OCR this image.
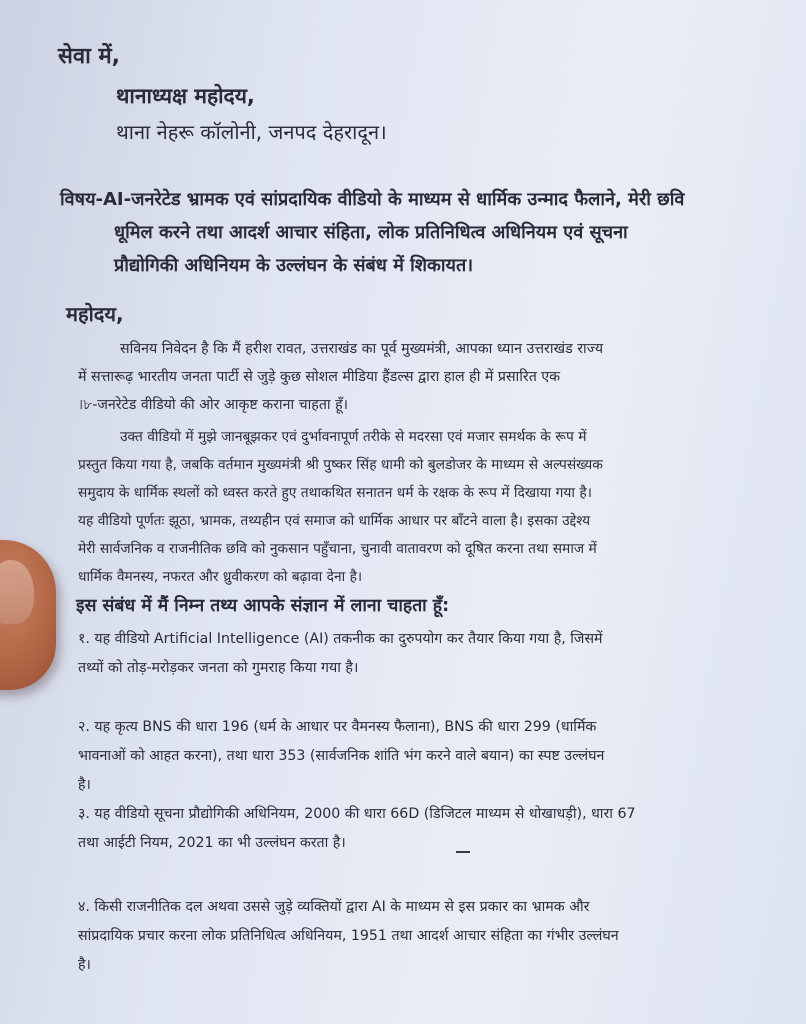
सेवा में,

थानाध्यक्ष महोदय,

थाना नेहरू कॉलोनी, जनपद देहरादून।

विषय-AI-जनरेटेड भ्रामक एवं सांप्रदायिक वीडियो के माध्यम से धार्मिक उन्माद फैलाने, मेरी छवि
धूमिल करने तथा आदर्श आचार संहिता, लोक प्रतिनिधित्व अधिनियम एवं सूचना
प्रौद्योगिकी अधिनियम के उल्लंघन के संबंध में शिकायत।

महोदय,

सविनय निवेदन है कि मैं हरीश रावत, उत्तराखंड का पूर्व मुख्यमंत्री, आपका ध्यान उत्तराखंड राज्य
में सत्तारूढ़ भारतीय जनता पार्टी से जुड़े कुछ सोशल मीडिया हैंडल्स द्वारा हाल ही में प्रसारित एक
।৮-जनरेटेड वीडियो की ओर आकृष्ट कराना चाहता हूँ।
उक्त वीडियो में मुझे जानबूझकर एवं दुर्भावनापूर्ण तरीके से मदरसा एवं मजार समर्थक के रूप में
प्रस्तुत किया गया है, जबकि वर्तमान मुख्यमंत्री श्री पुष्कर सिंह धामी को बुलडोजर के माध्यम से अल्पसंख्यक
समुदाय के धार्मिक स्थलों को ध्वस्त करते हुए तथाकथित सनातन धर्म के रक्षक के रूप में दिखाया गया है।
यह वीडियो पूर्णतः झूठा, भ्रामक, तथ्यहीन एवं समाज को धार्मिक आधार पर बाँटने वाला है। इसका उद्देश्य
मेरी सार्वजनिक व राजनीतिक छवि को नुकसान पहुँचाना, चुनावी वातावरण को दूषित करना तथा समाज में
धार्मिक वैमनस्य, नफरत और ध्रुवीकरण को बढ़ावा देना है।

इस संबंध में मैं निम्न तथ्य आपके संज्ञान में लाना चाहता हूँ:

१. यह वीडियो Artificial Intelligence (AI) तकनीक का दुरुपयोग कर तैयार किया गया है, जिसमें
तथ्यों को तोड़-मरोड़कर जनता को गुमराह किया गया है।
२. यह कृत्य BNS की धारा 196 (धर्म के आधार पर वैमनस्य फैलाना), BNS की धारा 299 (धार्मिक
भावनाओं को आहत करना), तथा धारा 353 (सार्वजनिक शांति भंग करने वाले बयान) का स्पष्ट उल्लंघन
है।
३. यह वीडियो सूचना प्रौद्योगिकी अधिनियम, 2000 की धारा 66D (डिजिटल माध्यम से धोखाधड़ी), धारा 67
तथा आईटी नियम, 2021 का भी उल्लंघन करता है।
४. किसी राजनीतिक दल अथवा उससे जुड़े व्यक्तियों द्वारा AI के माध्यम से इस प्रकार का भ्रामक और
सांप्रदायिक प्रचार करना लोक प्रतिनिधित्व अधिनियम, 1951 तथा आदर्श आचार संहिता का गंभीर उल्लंघन
है।
